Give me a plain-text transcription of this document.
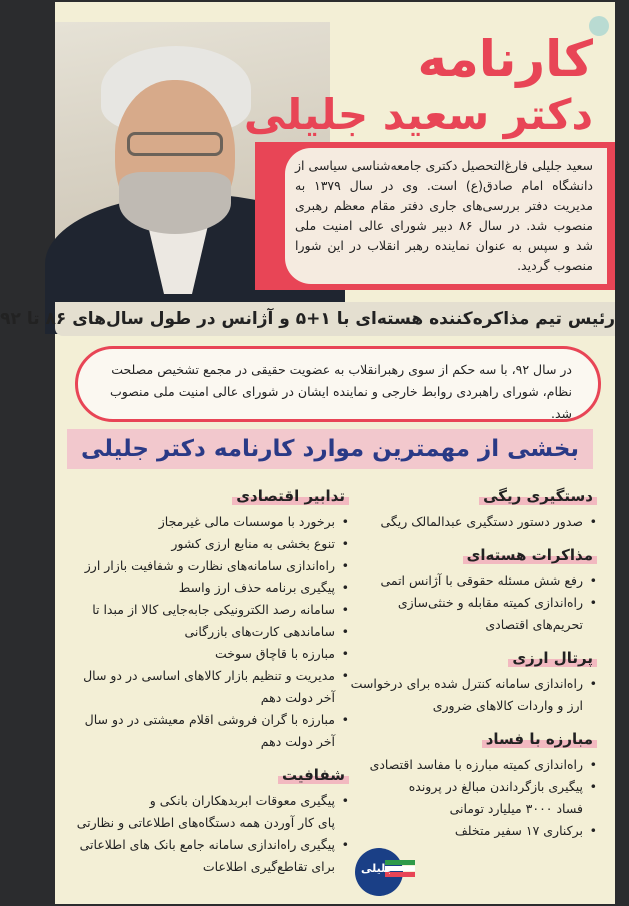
کارنامه
دکتر سعید جلیلی
سعید جلیلی فارغ‌التحصیل دکتری جامعه‌شناسی سیاسی از دانشگاه امام صادق(ع) است. وی در سال ۱۳۷۹ به مدیریت دفتر بررسی‌های جاری دفتر مقام معظم رهبری منصوب شد. در سال ۸۶ دبیر شورای عالی امنیت ملی شد و سپس به عنوان نماینده رهبر انقلاب در این شورا منصوب گردید.
رئیس تیم مذاکره‌کننده هسته‌ای با ۱+۵ و آژانس در طول سال‌های ۸۶ تا ۹۲
در سال ۹۲، با سه حکم از سوی رهبرانقلاب به عضویت حقیقی در مجمع تشخیص مصلحت نظام، شورای راهبردی روابط خارجی و نماینده ایشان در شورای عالی امنیت ملی منصوب شد.
بخشی از مهمترین موارد کارنامه دکتر جلیلی
دستگیری ریگی
• صدور دستور دستگیری عبدالمالک ریگی
مذاکرات هسته‌ای
• رفع شش مسئله حقوقی با آژانس اتمی
• راه‌اندازی کمیته مقابله و خنثی‌سازی
تحریم‌های اقتصادی
پرتال ارزی
• راه‌اندازی سامانه کنترل شده برای درخواست
ارز و واردات کالاهای ضروری
مبارزه با فساد
• راه‌اندازی کمیته مبارزه با مفاسد اقتصادی
• پیگیری بازگرداندن مبالغ در پرونده
فساد ۳۰۰۰ میلیارد تومانی
• برکناری ۱۷ سفیر متخلف
تدابیر اقتصادی
• برخورد با موسسات مالی غیرمجاز
• تنوع بخشی به منابع ارزی کشور
• راه‌اندازی سامانه‌های نظارت و شفافیت بازار ارز
• پیگیری برنامه حذف ارز واسط
• سامانه رصد الکترونیکی جابه‌جایی کالا از مبدا تا
• ساماندهی کارت‌های بازرگانی
• مبارزه با قاچاق سوخت
• مدیریت و تنظیم بازار کالاهای اساسی در دو سال
آخر دولت دهم
• مبارزه با گران فروشی اقلام معیشتی در دو سال
آخر دولت دهم
شفافیت
• پیگیری معوقات ابربدهکاران بانکی و
پای کار آوردن همه دستگاه‌های اطلاعاتی و نظارتی
• پیگیری راه‌اندازی سامانه جامع بانک های اطلاعاتی
برای تقاطع‌گیری اطلاعات جلیلی
